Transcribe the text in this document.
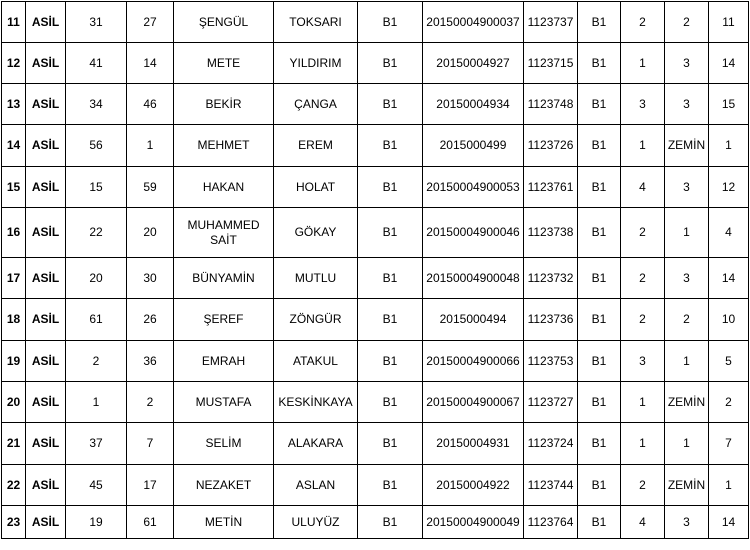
11	ASİL	31	27	ŞENGÜL	TOKSARI	B1	20150004900037	1123737	B1	2	2	11
12	ASİL	41	14	METE	YILDIRIM	B1	20150004927	1123715	B1	1	3	14
13	ASİL	34	46	BEKİR	ÇANGA	B1	20150004934	1123748	B1	3	3	15
14	ASİL	56	1	MEHMET	EREM	B1	2015000499	1123726	B1	1	ZEMİN	1
15	ASİL	15	59	HAKAN	HOLAT	B1	20150004900053	1123761	B1	4	3	12
16	ASİL	22	20	MUHAMMED SAİT	GÖKAY	B1	20150004900046	1123738	B1	2	1	4
17	ASİL	20	30	BÜNYAMİN	MUTLU	B1	20150004900048	1123732	B1	2	3	14
18	ASİL	61	26	ŞEREF	ZÖNGÜR	B1	2015000494	1123736	B1	2	2	10
19	ASİL	2	36	EMRAH	ATAKUL	B1	20150004900066	1123753	B1	3	1	5
20	ASİL	1	2	MUSTAFA	KESKİNKAYA	B1	20150004900067	1123727	B1	1	ZEMİN	2
21	ASİL	37	7	SELİM	ALAKARA	B1	20150004931	1123724	B1	1	1	7
22	ASİL	45	17	NEZAKET	ASLAN	B1	20150004922	1123744	B1	2	ZEMİN	1
23	ASİL	19	61	METİN	ULUYÜZ	B1	20150004900049	1123764	B1	4	3	14
